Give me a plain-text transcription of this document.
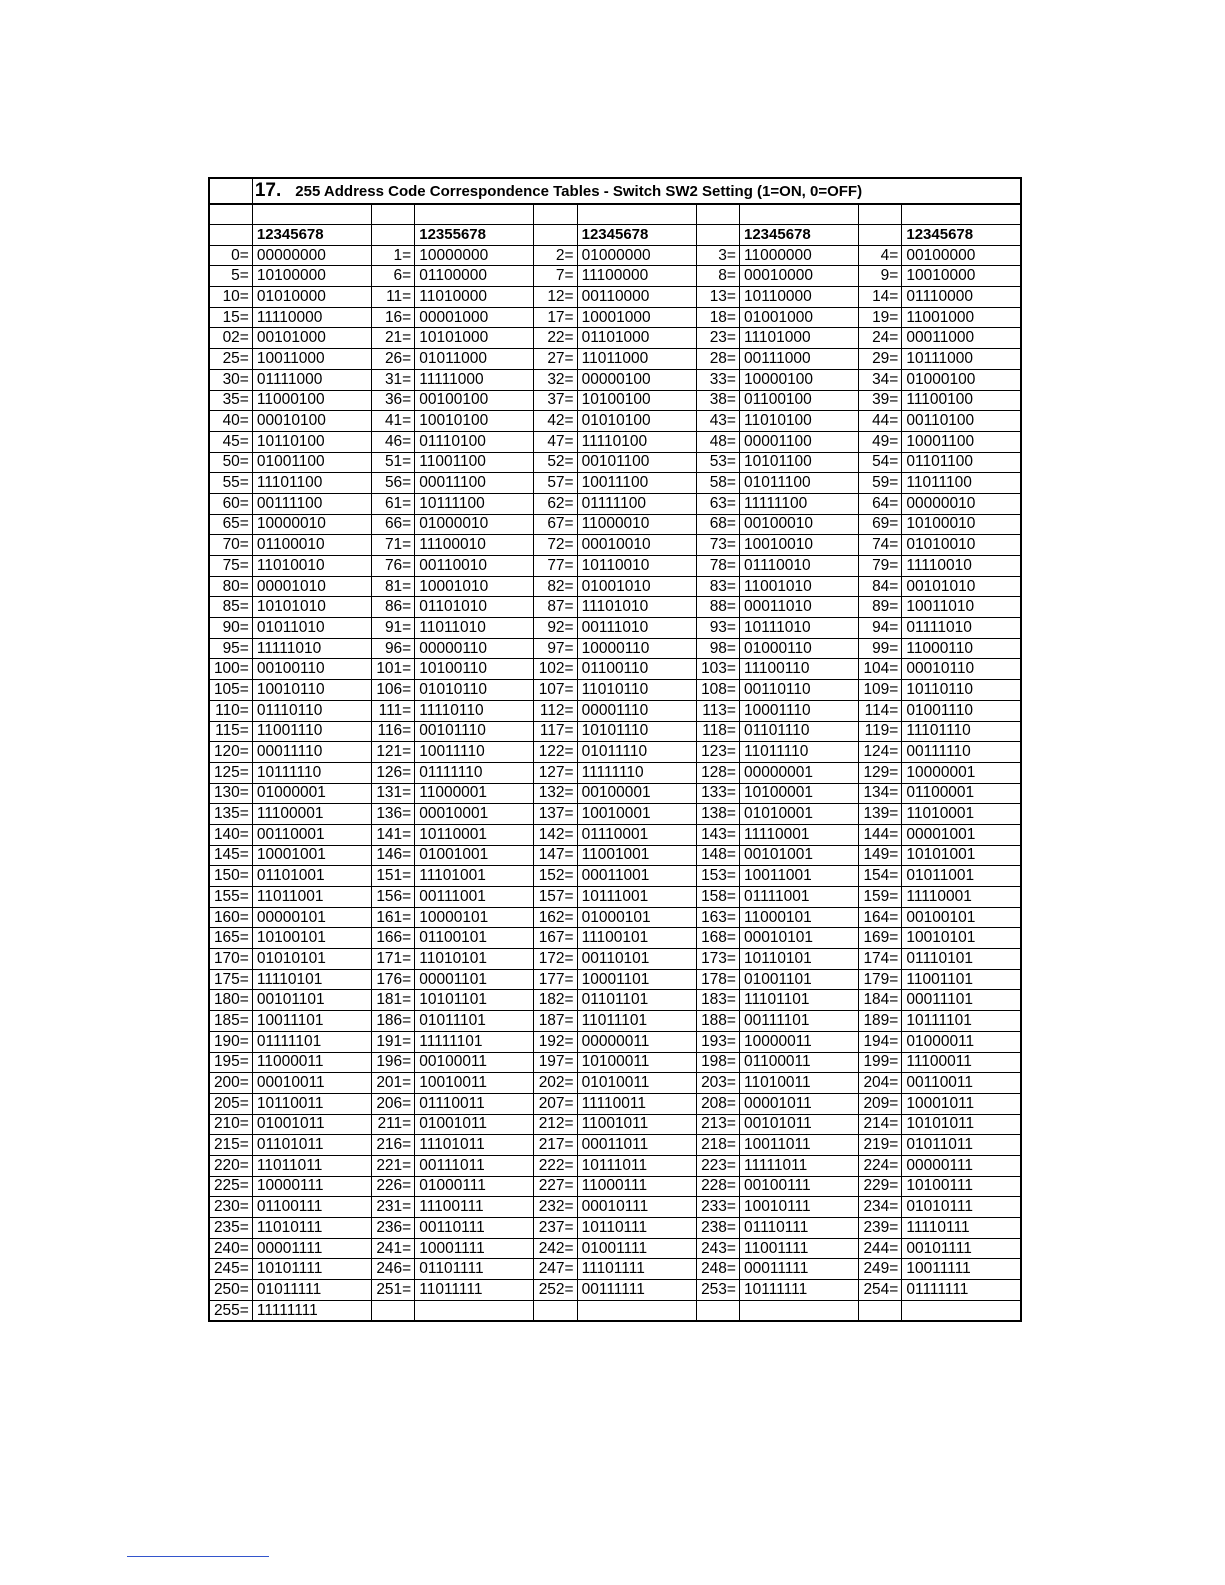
	17. 255 Address Code Correspondence Tables - Switch SW2 Setting (1=ON, 0=OFF)								

	12345678		12355678		12345678		12345678		12345678
0=	00000000	1=	10000000	2=	01000000	3=	11000000	4=	00100000
5=	10100000	6=	01100000	7=	11100000	8=	00010000	9=	10010000
10=	01010000	11=	11010000	12=	00110000	13=	10110000	14=	01110000
15=	11110000	16=	00001000	17=	10001000	18=	01001000	19=	11001000
02=	00101000	21=	10101000	22=	01101000	23=	11101000	24=	00011000
25=	10011000	26=	01011000	27=	11011000	28=	00111000	29=	10111000
30=	01111000	31=	11111000	32=	00000100	33=	10000100	34=	01000100
35=	11000100	36=	00100100	37=	10100100	38=	01100100	39=	11100100
40=	00010100	41=	10010100	42=	01010100	43=	11010100	44=	00110100
45=	10110100	46=	01110100	47=	11110100	48=	00001100	49=	10001100
50=	01001100	51=	11001100	52=	00101100	53=	10101100	54=	01101100
55=	11101100	56=	00011100	57=	10011100	58=	01011100	59=	11011100
60=	00111100	61=	10111100	62=	01111100	63=	11111100	64=	00000010
65=	10000010	66=	01000010	67=	11000010	68=	00100010	69=	10100010
70=	01100010	71=	11100010	72=	00010010	73=	10010010	74=	01010010
75=	11010010	76=	00110010	77=	10110010	78=	01110010	79=	11110010
80=	00001010	81=	10001010	82=	01001010	83=	11001010	84=	00101010
85=	10101010	86=	01101010	87=	11101010	88=	00011010	89=	10011010
90=	01011010	91=	11011010	92=	00111010	93=	10111010	94=	01111010
95=	11111010	96=	00000110	97=	10000110	98=	01000110	99=	11000110
100=	00100110	101=	10100110	102=	01100110	103=	11100110	104=	00010110
105=	10010110	106=	01010110	107=	11010110	108=	00110110	109=	10110110
110=	01110110	111=	11110110	112=	00001110	113=	10001110	114=	01001110
115=	11001110	116=	00101110	117=	10101110	118=	01101110	119=	11101110
120=	00011110	121=	10011110	122=	01011110	123=	11011110	124=	00111110
125=	10111110	126=	01111110	127=	11111110	128=	00000001	129=	10000001
130=	01000001	131=	11000001	132=	00100001	133=	10100001	134=	01100001
135=	11100001	136=	00010001	137=	10010001	138=	01010001	139=	11010001
140=	00110001	141=	10110001	142=	01110001	143=	11110001	144=	00001001
145=	10001001	146=	01001001	147=	11001001	148=	00101001	149=	10101001
150=	01101001	151=	11101001	152=	00011001	153=	10011001	154=	01011001
155=	11011001	156=	00111001	157=	10111001	158=	01111001	159=	11110001
160=	00000101	161=	10000101	162=	01000101	163=	11000101	164=	00100101
165=	10100101	166=	01100101	167=	11100101	168=	00010101	169=	10010101
170=	01010101	171=	11010101	172=	00110101	173=	10110101	174=	01110101
175=	11110101	176=	00001101	177=	10001101	178=	01001101	179=	11001101
180=	00101101	181=	10101101	182=	01101101	183=	11101101	184=	00011101
185=	10011101	186=	01011101	187=	11011101	188=	00111101	189=	10111101
190=	01111101	191=	11111101	192=	00000011	193=	10000011	194=	01000011
195=	11000011	196=	00100011	197=	10100011	198=	01100011	199=	11100011
200=	00010011	201=	10010011	202=	01010011	203=	11010011	204=	00110011
205=	10110011	206=	01110011	207=	11110011	208=	00001011	209=	10001011
210=	01001011	211=	01001011	212=	11001011	213=	00101011	214=	10101011
215=	01101011	216=	11101011	217=	00011011	218=	10011011	219=	01011011
220=	11011011	221=	00111011	222=	10111011	223=	11111011	224=	00000111
225=	10000111	226=	01000111	227=	11000111	228=	00100111	229=	10100111
230=	01100111	231=	11100111	232=	00010111	233=	10010111	234=	01010111
235=	11010111	236=	00110111	237=	10110111	238=	01110111	239=	11110111
240=	00001111	241=	10001111	242=	01001111	243=	11001111	244=	00101111
245=	10101111	246=	01101111	247=	11101111	248=	00011111	249=	10011111
250=	01011111	251=	11011111	252=	00111111	253=	10111111	254=	01111111
255=	11111111								
